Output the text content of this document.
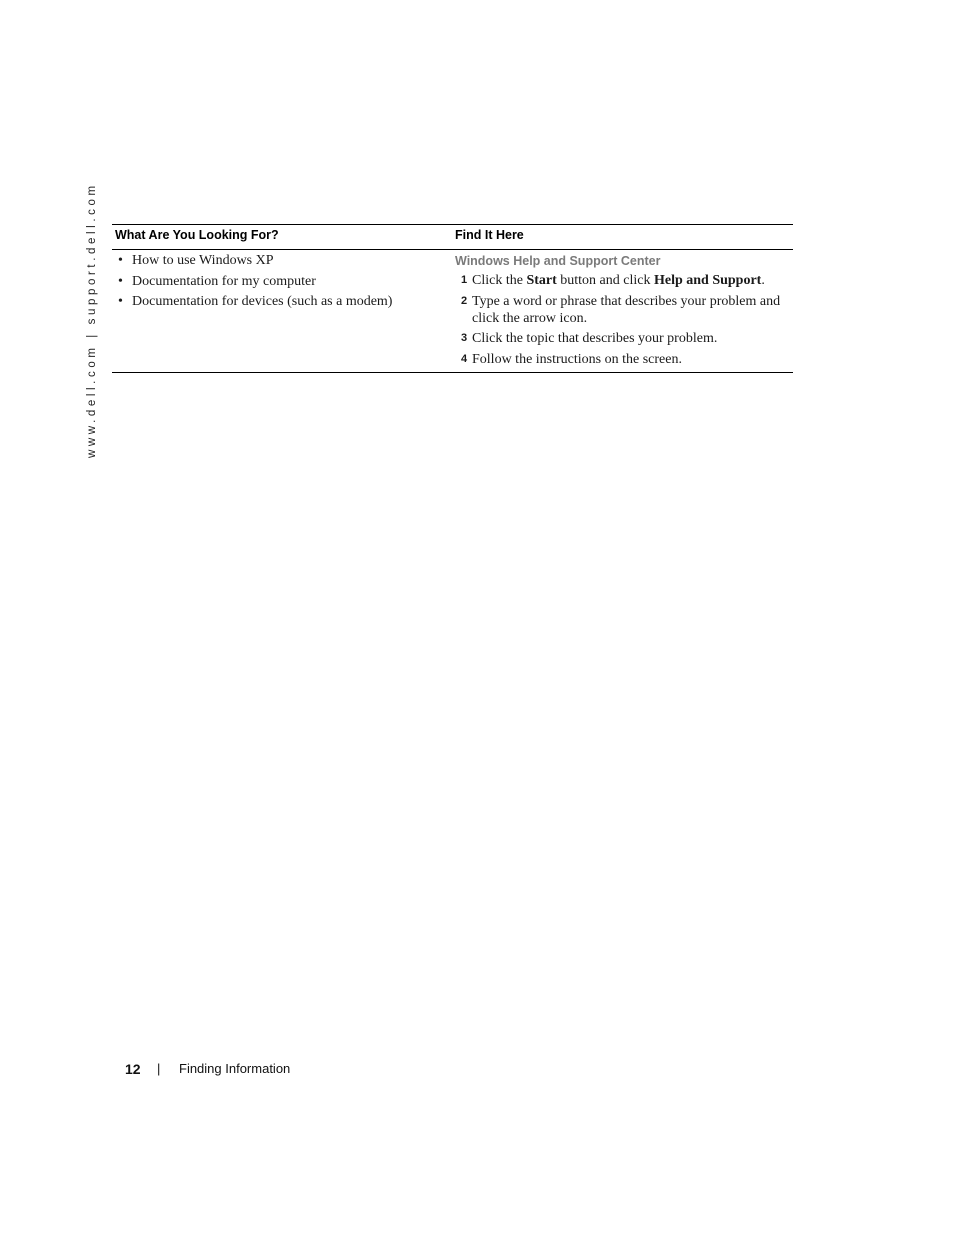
www.dell.com | support.dell.com What Are You Looking For?	Find It Here
• How to use Windows XP
• Documentation for my computer
• Documentation for devices (such as a modem)
Windows Help and Support Center
1 Click the Start button and click Help and Support.
2 Type a word or phrase that describes your problem and click the arrow icon.
3 Click the topic that describes your problem.
4 Follow the instructions on the screen.
12 | Finding Information
